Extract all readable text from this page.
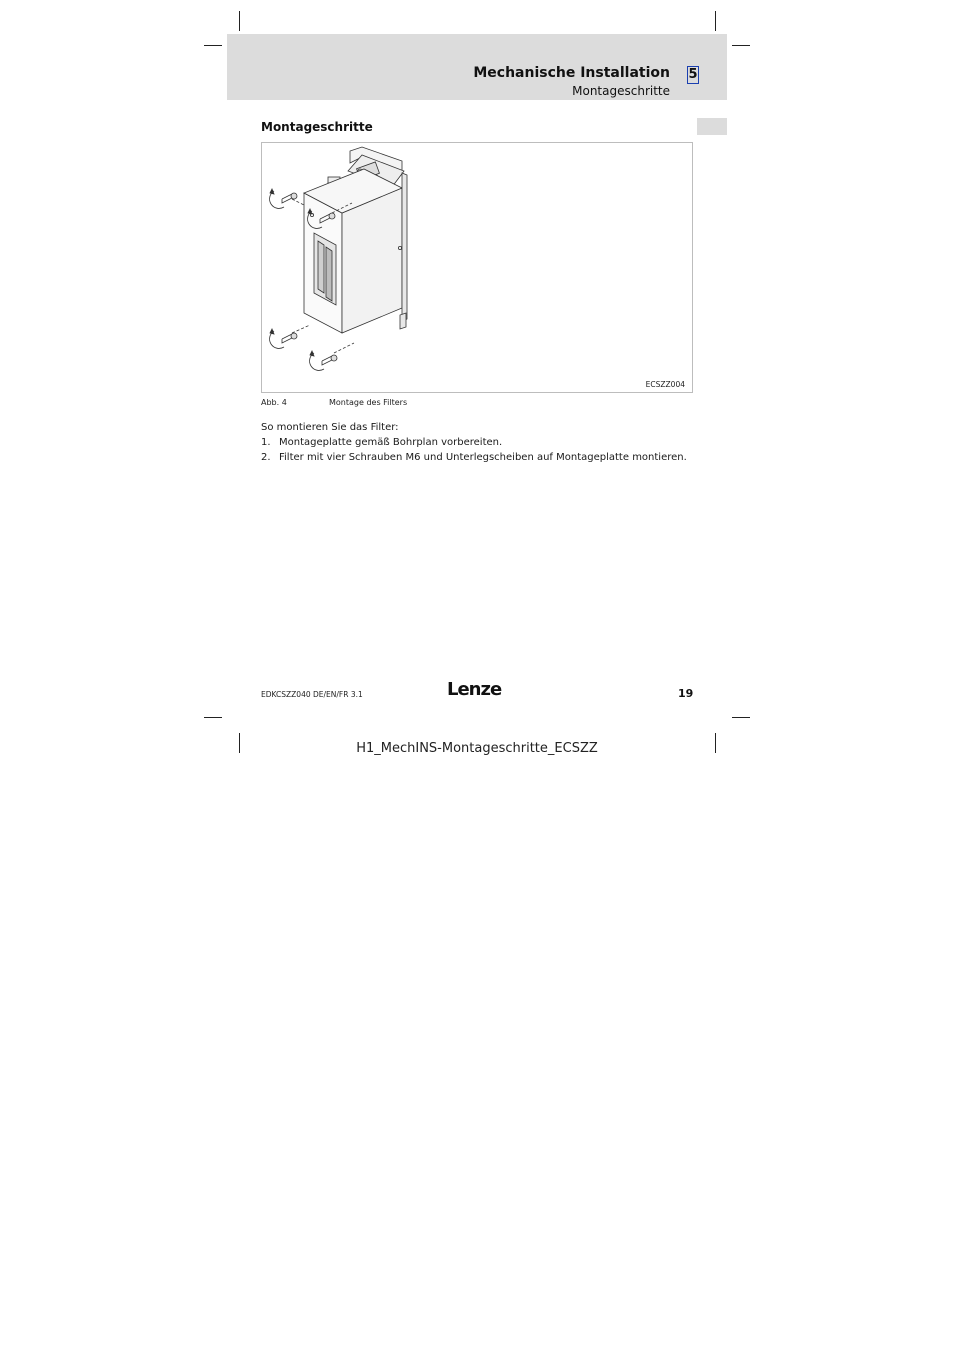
Mechanische Installation 5
Montageschritte
Montageschritte
ECSZZ004
Abb. 4	Montage des Filters
So montieren Sie das Filter:
1. Montageplatte gemäß Bohrplan vorbereiten.
2. Filter mit vier Schrauben M6 und Unterlegscheiben auf Montageplatte montieren.
EDKCSZZ040 DE/EN/FR 3.1	Lenze	19
H1_MechINS-Montageschritte_ECSZZ
